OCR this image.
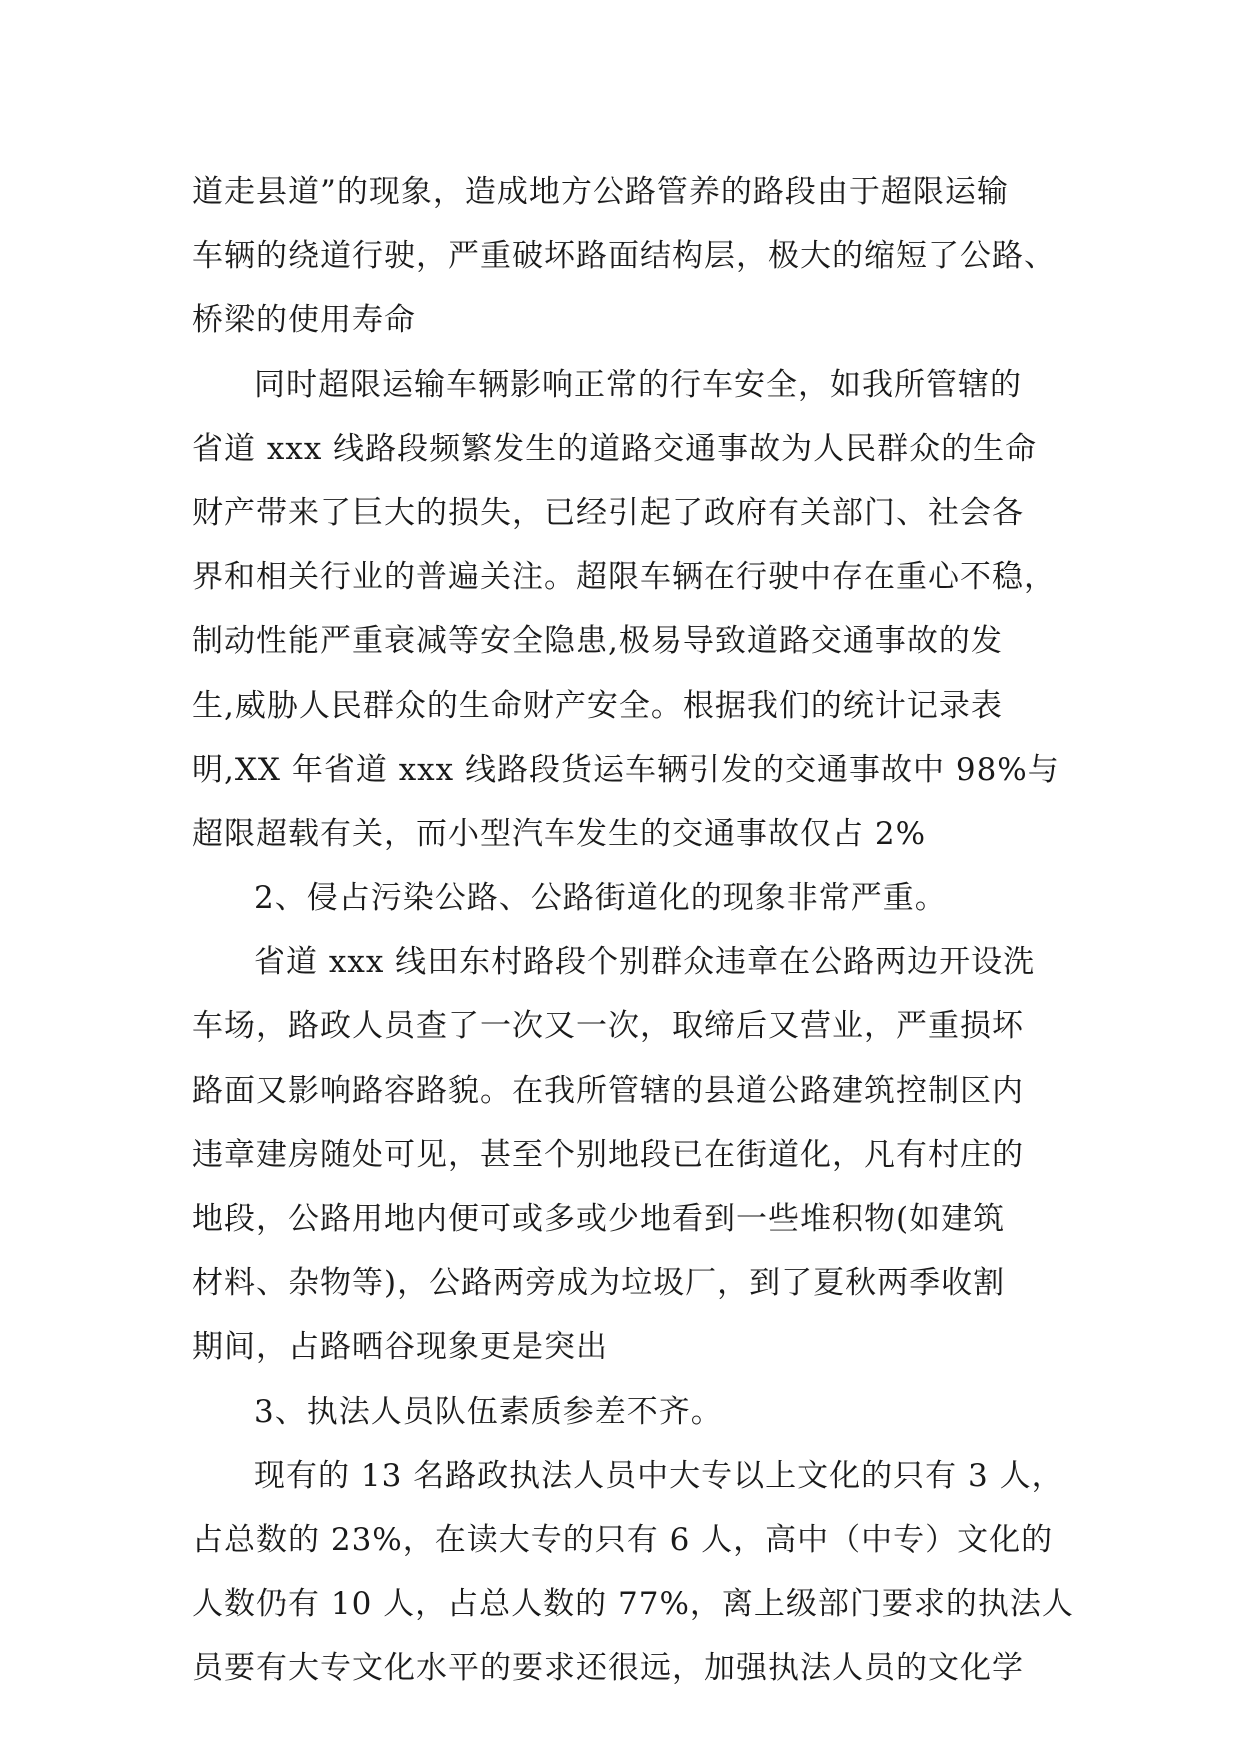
道走县道”的现象，造成地方公路管养的路段由于超限运输
车辆的绕道行驶，严重破坏路面结构层，极大的缩短了公路、
桥梁的使用寿命
同时超限运输车辆影响正常的行车安全，如我所管辖的
省道 xxx 线路段频繁发生的道路交通事故为人民群众的生命
财产带来了巨大的损失，已经引起了政府有关部门、社会各
界和相关行业的普遍关注。超限车辆在行驶中存在重心不稳，
制动性能严重衰减等安全隐患,极易导致道路交通事故的发
生,威胁人民群众的生命财产安全。根据我们的统计记录表
明,XX 年省道 xxx 线路段货运车辆引发的交通事故中 98%与
超限超载有关，而小型汽车发生的交通事故仅占 2%
2、侵占污染公路、公路街道化的现象非常严重。
省道 xxx 线田东村路段个别群众违章在公路两边开设洗
车场，路政人员查了一次又一次，取缔后又营业，严重损坏
路面又影响路容路貌。在我所管辖的县道公路建筑控制区内
违章建房随处可见，甚至个别地段已在街道化，凡有村庄的
地段，公路用地内便可或多或少地看到一些堆积物(如建筑
材料、杂物等)，公路两旁成为垃圾厂，到了夏秋两季收割
期间，占路晒谷现象更是突出
3、执法人员队伍素质参差不齐。
现有的 13 名路政执法人员中大专以上文化的只有 3 人，
占总数的 23%，在读大专的只有 6 人，高中（中专）文化的
人数仍有 10 人，占总人数的 77%，离上级部门要求的执法人
员要有大专文化水平的要求还很远，加强执法人员的文化学
